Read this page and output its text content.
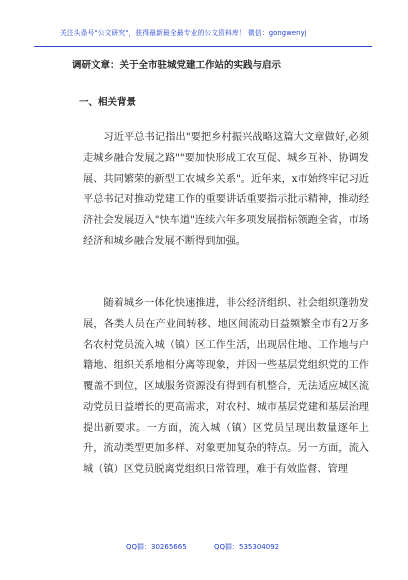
关注头条号"公文研究"，获得最新最全最专业的公文资料库！ 微信：gongwenyj
调研文章：关于全市驻城党建工作站的实践与启示
一、相关背景

习近平总书记指出"要把乡村振兴战略这篇大文章做好,必须走城乡融合发展之路""要加快形成工农互促、城乡互补、协调发展、共同繁荣的新型工农城乡关系"。近年来，x市始终牢记习近平总书记对推动党建工作的重要讲话重要指示批示精神，推动经济社会发展迈入"快车道"连续六年多项发展指标领跑全省，市场经济和城乡融合发展不断得到加强。

随着城乡一体化快速推进，非公经济组织、社会组织蓬勃发展，各类人员在产业间转移、地区间流动日益频繁全市有2万多名农村党员流入城（镇）区工作生活，出现居住地、工作地与户籍地、组织关系地相分离等现象，并因一些基层党组织党的工作覆盖不到位，区域服务资源没有得到有机整合，无法适应城区流动党员日益增长的更高需求，对农村、城市基层党建和基层治理提出新要求。一方面，流入城（镇）区党员呈现出数量逐年上升，流动类型更加多样、对象更加复杂的特点。另一方面，流入城（镇）区党员脱离党组织日常管理，难于有效监督、管理

QQ群：30265665	QQ群：535304092
